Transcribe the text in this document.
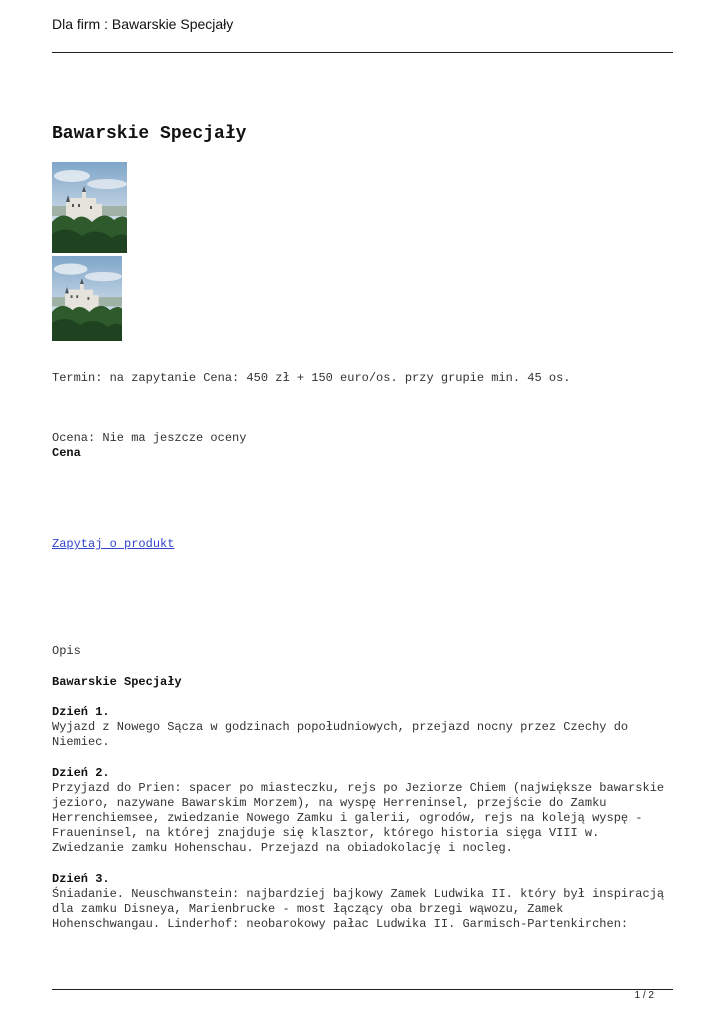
Dla firm : Bawarskie Specjały
Bawarskie Specjały
Termin: na zapytanie Cena: 450 zł + 150 euro/os. przy grupie min. 45 os.
Ocena: Nie ma jeszcze oceny
Cena
Zapytaj o produkt
Opis
Bawarskie Specjały
Dzień 1.
Wyjazd z Nowego Sącza w godzinach popołudniowych, przejazd nocny przez Czechy do
Niemiec.
Dzień 2.
Przyjazd do Prien: spacer po miasteczku, rejs po Jeziorze Chiem (największe bawarskie
jezioro, nazywane Bawarskim Morzem), na wyspę Herreninsel, przejście do Zamku
Herrenchiemsee, zwiedzanie Nowego Zamku i galerii, ogrodów, rejs na koleją wyspę -
Fraueninsel, na której znajduje się klasztor, którego historia sięga VIII w.
Zwiedzanie zamku Hohenschau. Przejazd na obiadokolację i nocleg.
Dzień 3.
Śniadanie. Neuschwanstein: najbardziej bajkowy Zamek Ludwika II. który był inspiracją
dla zamku Disneya, Marienbrucke - most łączący oba brzegi wąwozu, Zamek
Hohenschwangau. Linderhof: neobarokowy pałac Ludwika II. Garmisch-Partenkirchen:
1 / 2
